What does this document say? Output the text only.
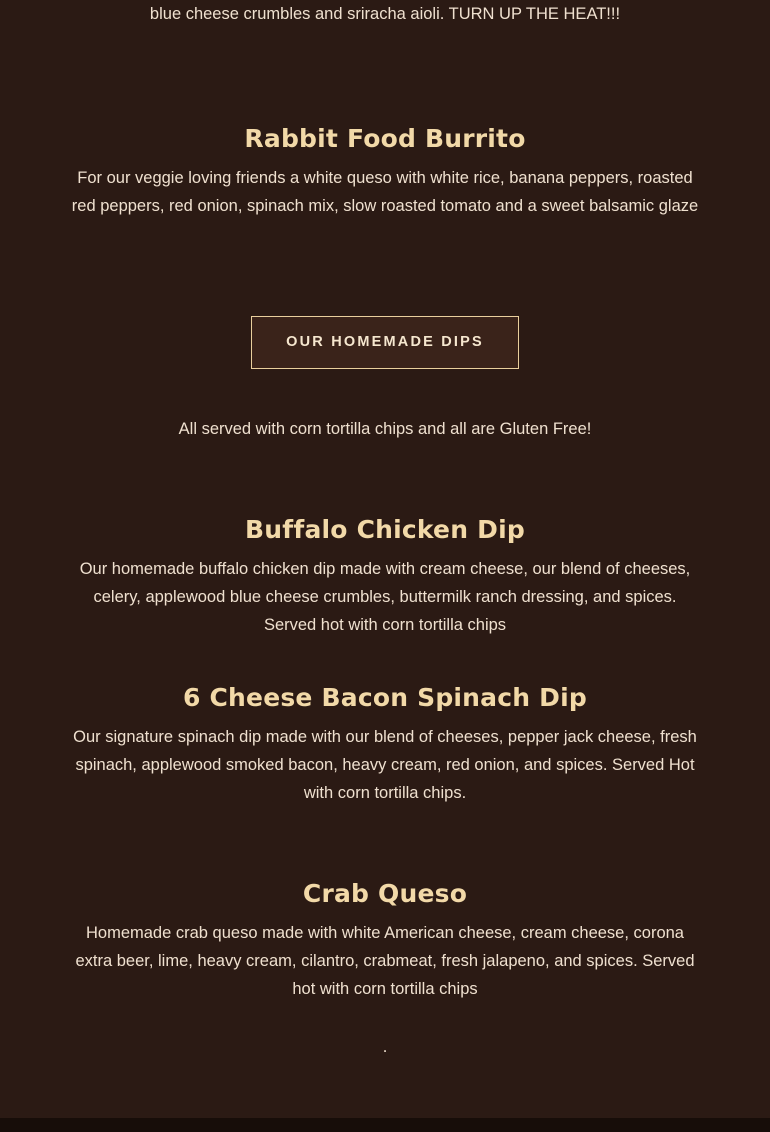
blue cheese crumbles and sriracha aioli. TURN UP THE HEAT!!!
Rabbit Food Burrito

For our veggie loving friends a white queso with white rice, banana peppers, roasted red peppers, red onion, spinach mix, slow roasted tomato and a sweet balsamic glaze

OUR HOMEMADE DIPS

All served with corn tortilla chips and all are Gluten Free!

Buffalo Chicken Dip

Our homemade buffalo chicken dip made with cream cheese, our blend of cheeses, celery, applewood blue cheese crumbles, buttermilk ranch dressing, and spices. Served hot with corn tortilla chips

6 Cheese Bacon Spinach Dip

Our signature spinach dip made with our blend of cheeses, pepper jack cheese, fresh spinach, applewood smoked bacon, heavy cream, red onion, and spices. Served Hot with corn tortilla chips.

Crab Queso

Homemade crab queso made with white American cheese, cream cheese, corona extra beer, lime, heavy cream, cilantro, crabmeat, fresh jalapeno, and spices. Served hot with corn tortilla chips

.
